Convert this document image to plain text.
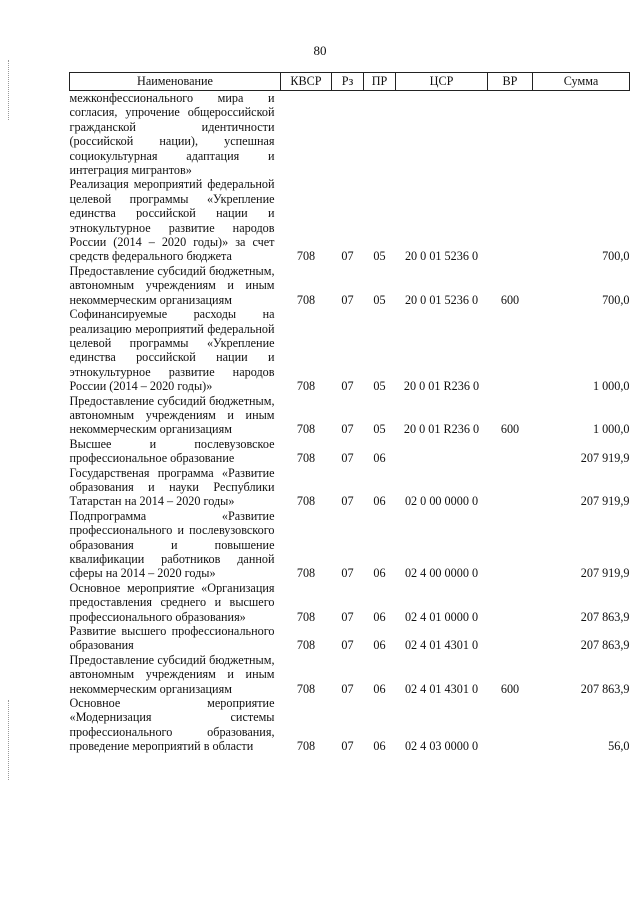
80
Наименование	КВСР	Рз	ПР	ЦСР	ВР	Сумма
межконфессионального мира и согласия, упрочение общероссийской гражданской идентичности (российской нации), успешная социокультурная адаптация и интеграция мигрантов»						
Реализация мероприятий федеральной целевой программы «Укрепление единства российской нации и этнокультурное развитие народов России (2014 – 2020 годы)» за счет средств федерального бюджета	708	07	05	20 0 01 5236 0		700,0
Предоставление субсидий бюджетным, автономным учреждениям и иным некоммерческим организациям	708	07	05	20 0 01 5236 0	600	700,0
Софинансируемые расходы на реализацию мероприятий федеральной целевой программы «Укрепление единства российской нации и этнокультурное развитие народов России (2014 – 2020 годы)»	708	07	05	20 0 01 R236 0		1 000,0
Предоставление субсидий бюджетным, автономным учреждениям и иным некоммерческим организациям	708	07	05	20 0 01 R236 0	600	1 000,0
Высшее и послевузовское профессиональное образование	708	07	06			207 919,9
Государственая программа «Развитие образования и науки Республики Татарстан на 2014 – 2020 годы»	708	07	06	02 0 00 0000 0		207 919,9
Подпрограмма «Развитие профессионального и послевузовского образования и повышение квалификации работников данной сферы на 2014 – 2020 годы»	708	07	06	02 4 00 0000 0		207 919,9
Основное мероприятие «Организация предоставления среднего и высшего профессионального образования»	708	07	06	02 4 01 0000 0		207 863,9
Развитие высшего профессионального образования	708	07	06	02 4 01 4301 0		207 863,9
Предоставление субсидий бюджетным, автономным учреждениям и иным некоммерческим организациям	708	07	06	02 4 01 4301 0	600	207 863,9
Основное мероприятие «Модернизация системы профессионального образования, проведение мероприятий в области	708	07	06	02 4 03 0000 0		56,0
